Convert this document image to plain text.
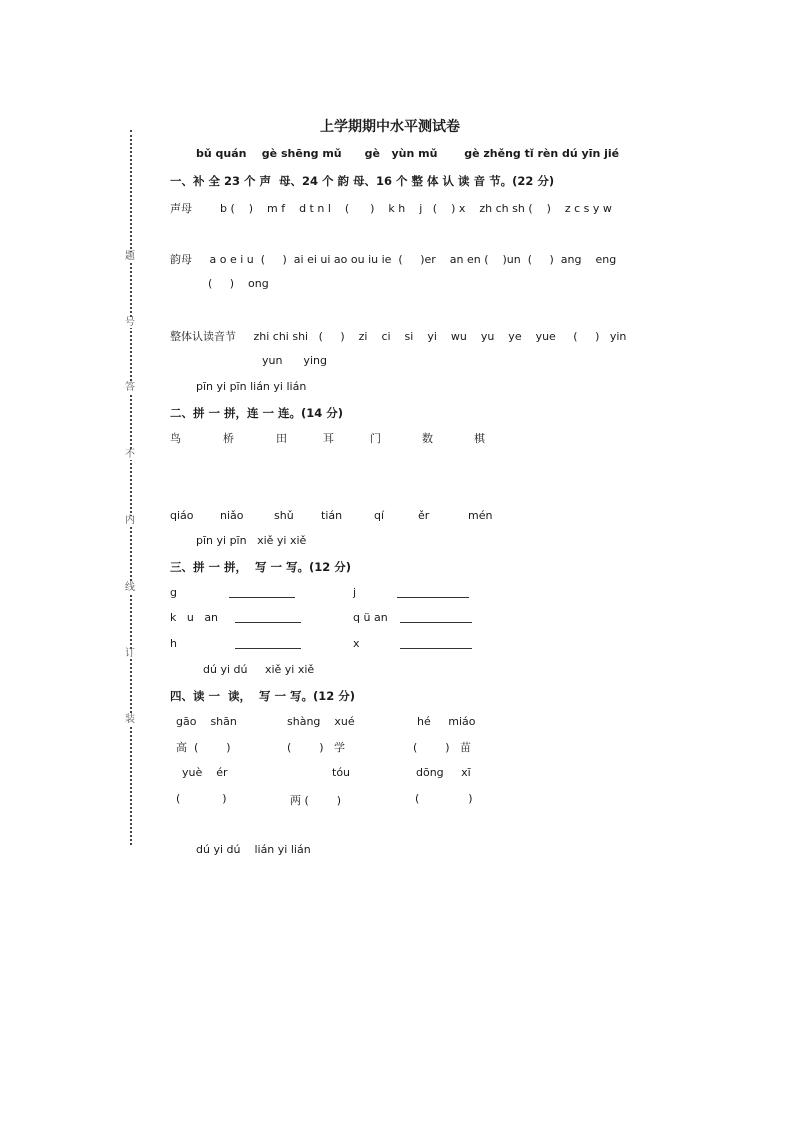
题
号
答
不
内
线
订
装
上学期期中水平测试卷
bǔ quán    gè shēng mǔ      gè   yùn mǔ       gè zhěng tǐ rèn dú yīn jié
一、补 全 23 个 声  母、24 个 韵 母、16 个 整 体 认 读 音 节。(22 分)
声母        b (    )    m f    d t n l    (      )    k h    j   (    ) x    zh ch sh (    )    z c s y w
韵母     a o e i u  (     )  ai ei ui ao ou iu ie  (     )er    an en (    )un  (     )  ang    eng
(     )    ong
整体认读音节     zhi chi shi   (     )    zi    ci    si    yi    wu    yu    ye    yue     (     )   yin
yun      ying
pīn yi pīn lián yi lián
二、拼 一 拼，连 一 连。(14 分)
鸟	桥	田	耳	门	数	棋
qiáo niǎo	shǔ tián	qí	ěr	mén
pīn yi pīn   xiě yi xiě
三、拼 一 拼，  写 一 写。(12 分)
g	j
k   u   an	q ü an
h	x
dú yi dú     xiě yi xiě
四、读 一  读，  写 一 写。(12 分)
gāo    shān	shàng    xué	hé     miáo
高  (        )	(        )   学	(        )   苗
yuè    ér	tóu	dōng     xī
(            )	两 (        )	(              )
dú yi dú    lián yi lián
